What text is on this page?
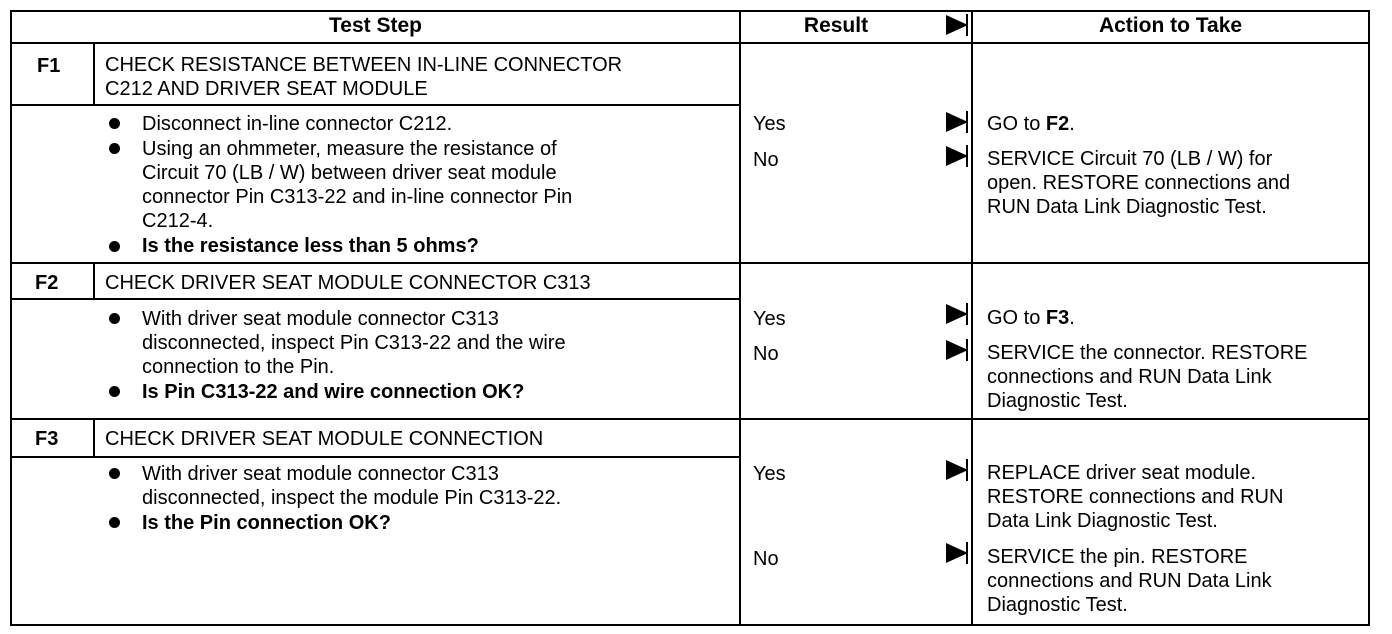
Test Step	Result	Action to Take
F1 CHECK RESISTANCE BETWEEN IN-LINE CONNECTOR
C212 AND DRIVER SEAT MODULE
Disconnect in-line connector C212.
Using an ohmmeter, measure the resistance of
Circuit 70 (LB / W) between driver seat module
connector Pin C313-22 and in-line connector Pin
C212-4.
Is the resistance less than 5 ohms?
Yes	GO to F2.
No	SERVICE Circuit 70 (LB / W) for
open. RESTORE connections and
RUN Data Link Diagnostic Test.
F2 CHECK DRIVER SEAT MODULE CONNECTOR C313
With driver seat module connector C313
disconnected, inspect Pin C313-22 and the wire
connection to the Pin.
Is Pin C313-22 and wire connection OK?
Yes	GO to F3.
No	SERVICE the connector. RESTORE
connections and RUN Data Link
Diagnostic Test.
F3 CHECK DRIVER SEAT MODULE CONNECTION
With driver seat module connector C313
disconnected, inspect the module Pin C313-22.
Is the Pin connection OK?
Yes	REPLACE driver seat module.
RESTORE connections and RUN
Data Link Diagnostic Test.
No	SERVICE the pin. RESTORE
connections and RUN Data Link
Diagnostic Test.
